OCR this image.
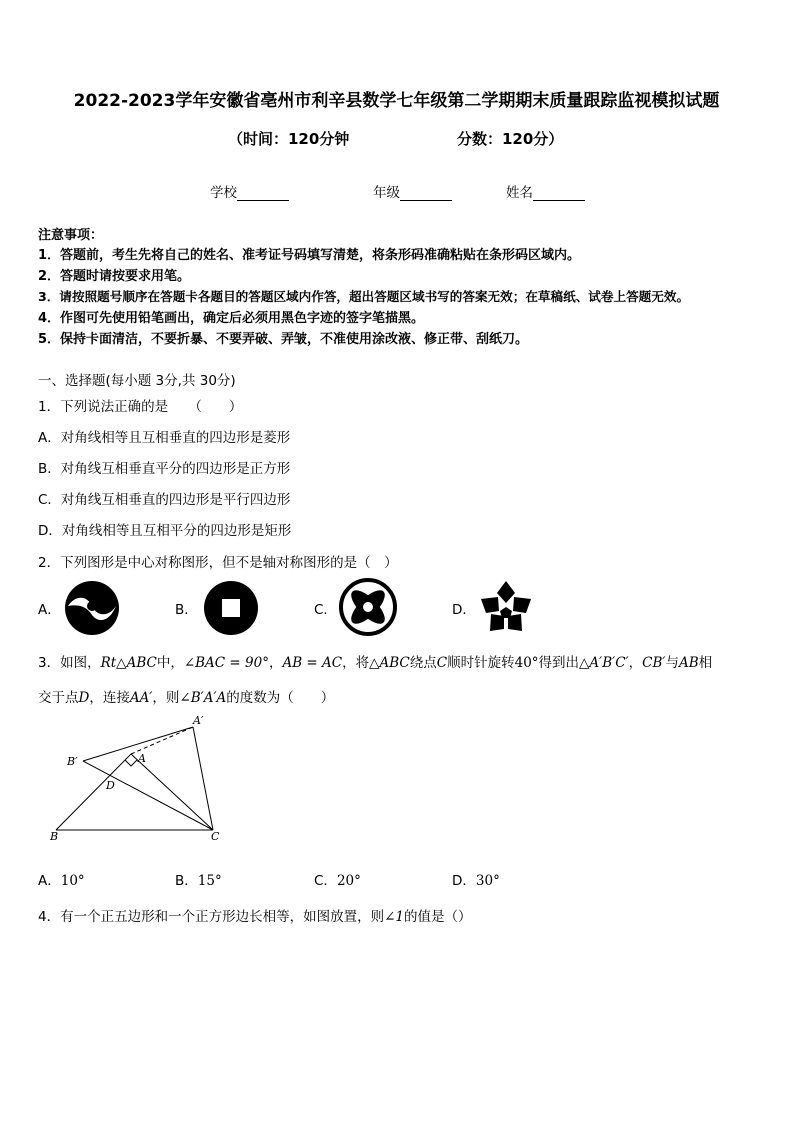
2022-2023学年安徽省亳州市利辛县数学七年级第二学期期末质量跟踪监视模拟试题
（时间：120分钟	分数：120分）
学校	年级	姓名
注意事项：
1．答题前，考生先将自己的姓名、准考证号码填写清楚，将条形码准确粘贴在条形码区域内。
2．答题时请按要求用笔。
3．请按照题号顺序在答题卡各题目的答题区域内作答，超出答题区域书写的答案无效；在草稿纸、试卷上答题无效。
4．作图可先使用铅笔画出，确定后必须用黑色字迹的签字笔描黑。
5．保持卡面清洁，不要折暴、不要弄破、弄皱，不准使用涂改液、修正带、刮纸刀。
一、选择题(每小题 3分,共 30分)
1．下列说法正确的是　　（　　）
A．对角线相等且互相垂直的四边形是菱形
B．对角线互相垂直平分的四边形是正方形
C．对角线互相垂直的四边形是平行四边形
D．对角线相等且互相平分的四边形是矩形
2．下列图形是中心对称图形，但不是轴对称图形的是（　）
A．	B．	C．	D．
3．如图，Rt△ABC中，∠BAC = 90°，AB = AC，将△ABC绕点C顺时针旋转40°得到出△A′B′C′，CB′与AB相
交于点D，连接AA′，则∠B′A′A的度数为（　　）
A′
B′	A
D
B	C
A．10°	B．15°	C．20°	D．30°
4．有一个正五边形和一个正方形边长相等，如图放置，则∠1的值是（）
